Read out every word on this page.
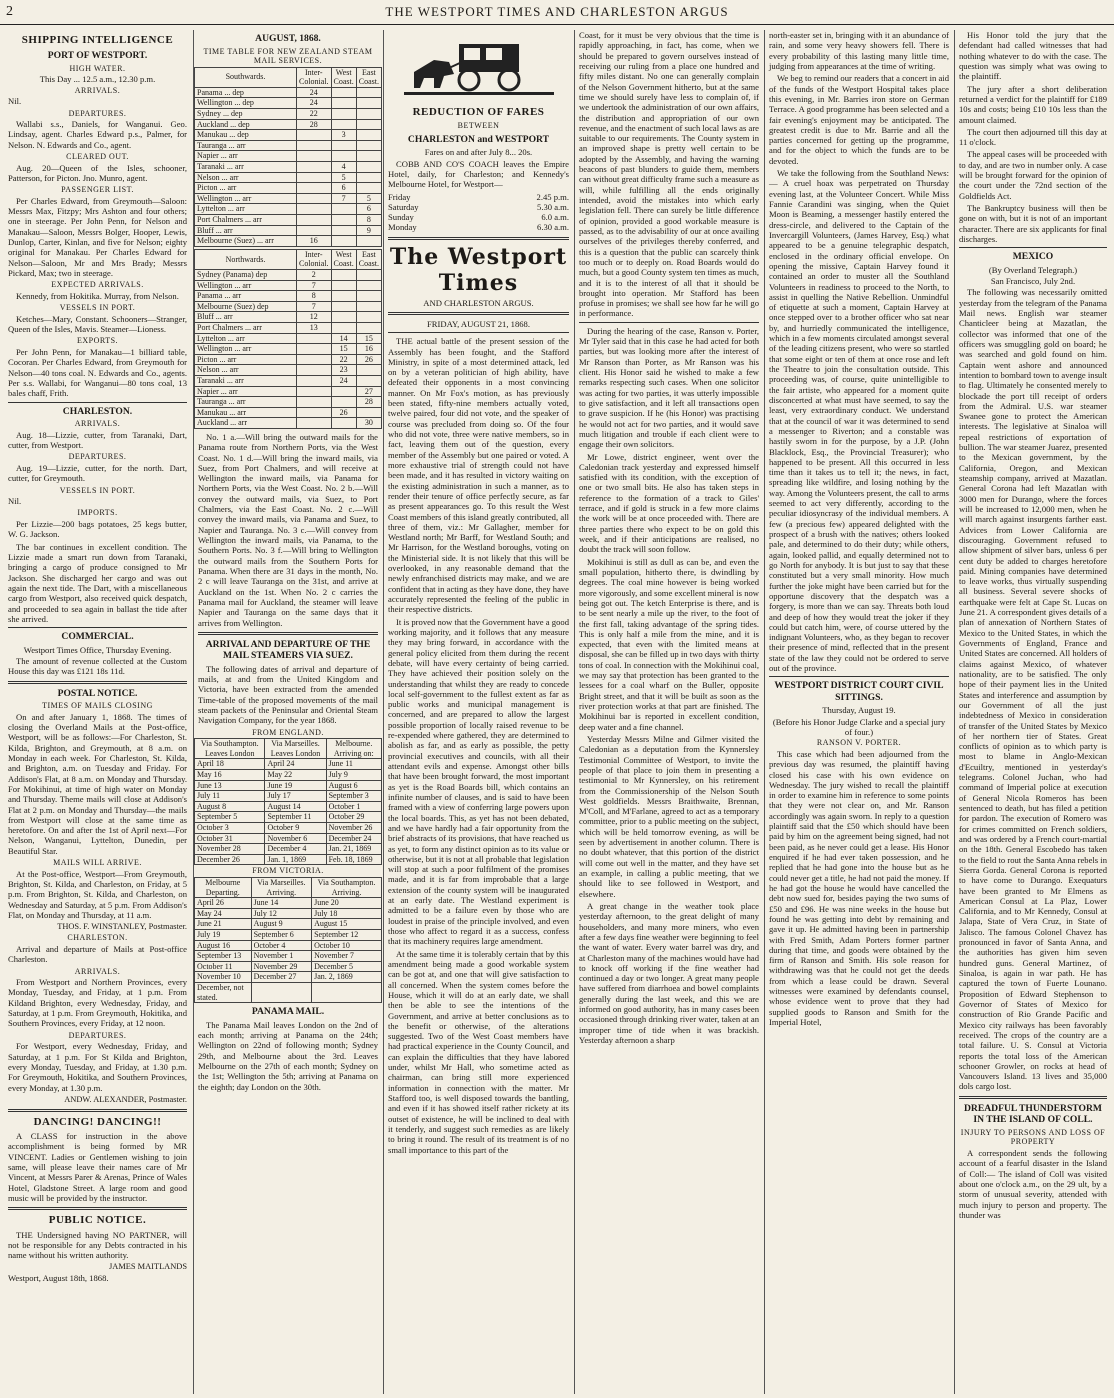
2	THE WESTPORT TIMES AND CHARLESTON ARGUS
SHIPPING INTELLIGENCE
PORT OF WESTPORT.
HIGH WATER.
This Day ... 12.5 a.m., 12.30 p.m.
ARRIVALS.

Nil.

DEPARTURES.

Wallabi s.s., Daniels, for Wanganui. Geo. Lindsay, agent. Charles Edward p.s., Palmer, for Nelson. N. Edwards and Co., agent.

CLEARED OUT.

Aug. 20—Queen of the Isles, schooner, Patterson, for Picton. Jno. Munro, agent.

PASSENGER LIST.

Per Charles Edward, from Greymouth—Saloon: Messrs Max, Fitzpy; Mrs Ashton and four others; one in steerage. Per John Penn, for Nelson and Manakau—Saloon, Messrs Bolger, Hooper, Lewis, Dunlop, Carter, Kinlan, and five for Nelson; eighty original for Manakau. Per Charles Edward for Nelson—Saloon, Mr and Mrs Brady; Messrs Pickard, Max; two in steerage.

EXPECTED ARRIVALS.

Kennedy, from Hokitika. Murray, from Nelson.

VESSELS IN PORT.

Ketches—Mary, Constant. Schooners—Stranger, Queen of the Isles, Mavis. Steamer—Lioness.

EXPORTS.

Per John Penn, for Manakau—1 billiard table, Cocoran. Per Charles Edward, from Greymouth for Nelson—40 tons coal. N. Edwards and Co., agents. Per s.s. Wallabi, for Wanganui—80 tons coal, 13 bales chaff, Frith.

CHARLESTON.
ARRIVALS.

Aug. 18—Lizzie, cutter, from Taranaki, Dart, cutter, from Westport.

DEPARTURES.

Aug. 19—Lizzie, cutter, for the north. Dart, cutter, for Greymouth.

VESSELS IN PORT.

Nil.

IMPORTS.

Per Lizzie—200 bags potatoes, 25 kegs butter, W. G. Jackson.

The bar continues in excellent condition. The Lizzie made a smart run down from Taranaki, bringing a cargo of produce consigned to Mr Jackson. She discharged her cargo and was out again the next tide. The Dart, with a miscellaneous cargo from Westport, also received quick despatch, and proceeded to sea again in ballast the tide after she arrived.

COMMERCIAL.
Westport Times Office, Thursday Evening.

The amount of revenue collected at the Custom House this day was £121 18s 11d.

POSTAL NOTICE.
TIMES OF MAILS CLOSING

On and after January 1, 1868. The times of closing the Overland Mails at the Post-office, Westport, will be as follows:—For Charleston, St. Kilda, Brighton, and Greymouth, at 8 a.m. on Monday in each week. For Charleston, St. Kilda, and Brighton, a.m. on Tuesday and Friday. For Addison's Flat, at 8 a.m. on Monday and Thursday. For Mokihinui, at time of high water on Monday and Thursday. Theme mails will close at Addison's Flat at 2 p.m. on Monday and Thursday—the mails from Westport will close at the same time as heretofore. On and after the 1st of April next—For Nelson, Wanganui, Lyttelton, Dunedin, per Beautiful Star.

MAILS WILL ARRIVE.

At the Post-office, Westport—From Greymouth, Brighton, St. Kilda, and Charleston, on Friday, at 5 p.m. From Brighton, St. Kilda, and Charleston, on Wednesday and Saturday, at 5 p.m. From Addison's Flat, on Monday and Thursday, at 11 a.m.

THOS. F. WINSTANLEY, Postmaster.
CHARLESTON.

Arrival and departure of Mails at Post-office Charleston.

ARRIVALS.

From Westport and Northern Provinces, every Monday, Tuesday, and Friday, at 1 p.m. From Kildand Brighton, every Wednesday, Friday, and Saturday, at 1 p.m. From Greymouth, Hokitika, and Southern Provinces, every Friday, at 12 noon.

DEPARTURES.

For Westport, every Wednesday, Friday, and Saturday, at 1 p.m. For St Kilda and Brighton, every Monday, Tuesday, and Friday, at 1.30 p.m. For Greymouth, Hokitika, and Southern Provinces, every Monday, at 1.30 p.m.

ANDW. ALEXANDER, Postmaster.
DANCING! DANCING!!

A CLASS for instruction in the above accomplishment is being formed by MR VINCENT. Ladies or Gentlemen wishing to join same, will please leave their names care of Mr Vincent, at Messrs Parer & Arenas, Prince of Wales Hotel, Gladstone Street. A large room and good music will be provided by the instructor.

PUBLIC NOTICE.

THE Undersigned having NO PARTNER, will not be responsible for any Debts contracted in his name without his written authority.

JAMES MAITLANDS

Westport, August 18th, 1868.

AUGUST, 1868.
TIME TABLE FOR NEW ZEALAND STEAM MAIL SERVICES.
Southwards.	Inter-Colonial.	West Coast.	East Coast.
Panama ... dep	24		
Wellington ... dep	24		
Sydney ... dep	22		
Auckland ... dep	28		
Manukau ... dep		3	
Tauranga ... arr			
Napier ... arr			
Taranaki ... arr		4	
Nelson ... arr		5	
Picton ... arr		6	
Wellington ... arr		7	5
Lyttelton ... arr			6
Port Chalmers ... arr			8
Bluff ... arr			9
Melbourne (Suez) ... arr	16		
Northwards.	Inter-Colonial.	West Coast.	East Coast.
Sydney (Panama) dep	2		
Wellington ... arr	7		
Panama ... arr	8		
Melbourne (Suez) dep	7		
Bluff ... arr	12		
Port Chalmers ... arr	13		
Lyttelton ... arr		14	15
Wellington ... arr		15	16
Picton ... arr		22	26
Nelson ... arr		23	
Taranaki ... arr		24	
Napier ... arr			27
Tauranga ... arr			28
Manukau ... arr		26	
Auckland ... arr			30

No. 1 a.—Will bring the outward mails for the Panama route from Northern Ports, via the West Coast. No. 1 d.—Will bring the inward mails, via Suez, from Port Chalmers, and will receive at Wellington the inward mails, via Panama for Northern Ports, via the West Coast. No. 2 b.—Will convey the outward mails, via Suez, to Port Chalmers, via the East Coast. No. 2 c.—Will convey the inward mails, via Panama and Suez, to Napier and Tauranga. No. 3 c.—Will convey from Wellington the inward mails, via Panama, to the Southern Ports. No. 3 f.—Will bring to Wellington the outward mails from the Southern Ports for Panama. When there are 31 days in the month, No. 2 c will leave Tauranga on the 31st, and arrive at Auckland on the 1st. When No. 2 c carries the Panama mail for Auckland, the steamer will leave Napier and Tauranga on the same days that it arrives from Wellington.

ARRIVAL AND DEPARTURE OF THE MAIL STEAMERS VIA SUEZ.

The following dates of arrival and departure of mails, at and from the United Kingdom and Victoria, have been extracted from the amended Time-table of the proposed movements of the mail steam packets of the Peninsular and Oriental Steam Navigation Company, for the year 1868.

FROM ENGLAND.
Via Southampton. Leaves London	Via Marseilles. Leaves London	Melbourne. Arriving on:
April 18	April 24	June 11
May 16	May 22	July 9
June 13	June 19	August 6
July 11	July 17	September 3
August 8	August 14	October 1
September 5	September 11	October 29
October 3	October 9	November 26
October 31	November 6	December 24
November 28	December 4	Jan. 21, 1869
December 26	Jan. 1, 1869	Feb. 18, 1869
FROM VICTORIA.
Melbourne Departing.	Via Marseilles. Arriving.	Via Southampton. Arriving.
April 26	June 14	June 20
May 24	July 12	July 18
June 21	August 9	August 15
July 19	September 6	September 12
August 16	October 4	October 10
September 13	November 1	November 7
October 11	November 29	December 5
November 10	December 27	Jan. 2, 1869
December, not stated.		
PANAMA MAIL.

The Panama Mail leaves London on the 2nd of each month; arriving at Panama on the 24th; Wellington on 22nd of following month; Sydney 29th, and Melbourne about the 3rd. Leaves Melbourne on the 27th of each month; Sydney on the 1st; Wellington the 5th; arriving at Panama on the eighth; day London on the 30th.

REDUCTION OF FARES
BETWEEN
CHARLESTON and WESTPORT
Fares on and after July 8... 20s.

COBB AND CO'S COACH leaves the Empire Hotel, daily, for Charleston; and Kennedy's Melbourne Hotel, for Westport—

Friday	2.45 p.m.
Saturday	5.30 a.m.
Sunday	6.0 a.m.
Monday	6.30 a.m.
The Westport Times
AND CHARLESTON ARGUS.
FRIDAY, AUGUST 21, 1868.

THE actual battle of the present session of the Assembly has been fought, and the Stafford Ministry, in spite of a most determined attack, led on by a veteran politician of high ability, have defeated their opponents in a most convincing manner. On Mr Fox's motion, as has previously been stated, fifty-nine members actually voted, twelve paired, four did not vote, and the speaker of course was precluded from doing so. Of the four who did not vote, three were native members, so in fact, leaving them out of the question, every member of the Assembly but one paired or voted. A more exhaustive trial of strength could not have been made, and it has resulted in victory waiting on the existing administration in such a manner, as to render their tenure of office perfectly secure, as far as present appearances go. To this result the West Coast members of this island greatly contributed, all three of them, viz.: Mr Gallagher, member for Westland north; Mr Barff, for Westland South; and Mr Harrison, for the Westland boroughs, voting on the Ministerial side. It is not likely that this will be overlooked, in any reasonable demand that the newly enfranchised districts may make, and we are confident that in acting as they have done, they have accurately represented the feeling of the public in their respective districts.

It is proved now that the Government have a good working majority, and it follows that any measure they may bring forward, in accordance with the general policy elicited from them during the recent debate, will have every certainty of being carried. They have achieved their position solely on the understanding that whilst they are ready to concede local self-government to the fullest extent as far as public works and municipal management is concerned, and are prepared to allow the largest possible proportion of locally raised revenue to be re-expended where gathered, they are determined to abolish as far, and as early as possible, the petty provincial executives and councils, with all their attendant evils and expense. Amongst other bills that have been brought forward, the most important as yet is the Road Boards bill, which contains an infinite number of clauses, and is said to have been framed with a view of conferring large powers upon the local boards. This, as yet has not been debated, and we have hardly had a fair opportunity from the brief abstracts of its provisions, that have reached us as yet, to form any distinct opinion as to its value or otherwise, but it is not at all probable that legislation will stop at such a poor fulfilment of the promises made, and it is far from improbable that a large extension of the county system will be inaugurated at an early date. The Westland experiment is admitted to be a failure even by those who are loudest in praise of the principle involved, and even those who affect to regard it as a success, confess that its machinery requires large amendment.

At the same time it is tolerably certain that by this amendment being made a good workable system can be got at, and one that will give satisfaction to all concerned. When the system comes before the House, which it will do at an early date, we shall then be able to see the intentions of the Government, and arrive at better conclusions as to the benefit or otherwise, of the alterations suggested. Two of the West Coast members have had practical experience in the County Council, and can explain the difficulties that they have labored under, whilst Mr Hall, who sometime acted as chairman, can bring still more experienced information in connection with the matter. Mr Stafford too, is well disposed towards the bantling, and even if it has showed itself rather rickety at its outset of existence, he will be inclined to deal with it tenderly, and suggest such remedies as are likely to bring it round. The result of its treatment is of no small importance to this part of the

Coast, for it must be very obvious that the time is rapidly approaching, in fact, has come, when we should be prepared to govern ourselves instead of receiving our ruling from a place one hundred and fifty miles distant. No one can generally complain of the Nelson Government hitherto, but at the same time we should surely have less to complain of, if we undertook the administration of our own affairs, the distribution and appropriation of our own revenue, and the enactment of such local laws as are suitable to our requirements. The County system in an improved shape is pretty well certain to be adopted by the Assembly, and having the warning beacons of past blunders to guide them, members can without great difficulty frame such a measure as will, while fulfilling all the ends originally intended, avoid the mistakes into which early legislation fell. There can surely be little difference of opinion, provided a good workable measure is passed, as to the advisability of our at once availing ourselves of the privileges thereby conferred, and this is a question that the public can scarcely think too much or to deeply on. Road Boards would do much, but a good County system ten times as much, and it is to the interest of all that it should be brought into operation. Mr Stafford has been profuse in promises; we shall see how far he will go in performance.

During the hearing of the case, Ranson v. Porter, Mr Tyler said that in this case he had acted for both parties, but was looking more after the interest of Mr Ranson than Porter, as Mr Ranson was his client. His Honor said he wished to make a few remarks respecting such cases. When one solicitor was acting for two parties, it was utterly impossible to give satisfaction, and it left all transactions open to grave suspicion. If he (his Honor) was practising he would not act for two parties, and it would save much litigation and trouble if each client were to engage their own solicitors.

Mr Lowe, district engineer, went over the Caledonian track yesterday and expressed himself satisfied with its condition, with the exception of one or two small bits. He also has taken steps in reference to the formation of a track to Giles' terrace, and if gold is struck in a few more claims the work will be at once proceeded with. There are three parties there who expect to be on gold this week, and if their anticipations are realised, no doubt the track will soon follow.

Mokihinui is still as dull as can be, and even the small population, hitherto there, is dwindling by degrees. The coal mine however is being worked more vigorously, and some excellent mineral is now being got out. The ketch Enterprise is there, and is to be sent nearly a mile up the river, to the foot of the first fall, taking advantage of the spring tides. This is only half a mile from the mine, and it is expected, that even with the limited means at disposal, she can be filled up in two days with thirty tons of coal. In connection with the Mokihinui coal, we may say that protection has been granted to the lessees for a coal wharf on the Buller, opposite Bright street, and that it will be built as soon as the river protection works at that part are finished. The Mokihinui bar is reported in excellent condition, deep water and a fine channel.

Yesterday Messrs Milne and Gilmer visited the Caledonian as a deputation from the Kynnersley Testimonial Committee of Westport, to invite the people of that place to join them in presenting a testimonial to Mr Kynnersley, on his retirement from the Commissionership of the Nelson South West goldfields. Messrs Braithwaite, Brennan, M'Coll, and M'Farlane, agreed to act as a temporary committee, prior to a public meeting on the subject, which will be held tomorrow evening, as will be seen by advertisement in another column. There is no doubt whatever, that this portion of the district will come out well in the matter, and they have set an example, in calling a public meeting, that we should like to see followed in Westport, and elsewhere.

A great change in the weather took place yesterday afternoon, to the great delight of many householders, and many more miners, who even after a few days fine weather were beginning to feel the want of water. Every water barrel was dry, and at Charleston many of the machines would have had to knock off working if the fine weather had continued a day or two longer. A great many people have suffered from diarrhoea and bowel complaints generally during the last week, and this we are informed on good authority, has in many cases been occasioned through drinking river water, taken at an improper time of tide when it was brackish. Yesterday afternoon a sharp

north-easter set in, bringing with it an abundance of rain, and some very heavy showers fell. There is every probability of this lasting many little time, judging from appearances at the time of writing.

We beg to remind our readers that a concert in aid of the funds of the Westport Hospital takes place this evening, in Mr. Barries iron store on German Terrace. A good programme has been selected and a fair evening's enjoyment may be anticipated. The greatest credit is due to Mr. Barrie and all the parties concerned for getting up the programme, and for the object to which the funds are to be devoted.

We take the following from the Southland News:— A cruel hoax was perpetrated on Thursday evening last, at the Volunteer Concert. While Miss Fannie Carandini was singing, when the Quiet Moon is Beaming, a messenger hastily entered the dress-circle, and delivered to the Captain of the Invercargill Volunteers, (James Harvey, Esq.) what appeared to be a genuine telegraphic despatch, enclosed in the ordinary official envelope. On opening the missive, Captain Harvey found it contained an order to muster all the Southland Volunteers in readiness to proceed to the North, to assist in quelling the Native Rebellion. Unmindful of etiquette at such a moment, Captain Harvey at once stepped over to a brother officer who sat near by, and hurriedly communicated the intelligence, which in a few moments circulated amongst several of the leading citizens present, who were so startled that some eight or ten of them at once rose and left the Theatre to join the consultation outside. This proceeding was, of course, quite unintelligible to the fair artiste, who appeared for a moment quite disconcerted at what must have seemed, to say the least, very extraordinary conduct. We understand that at the council of war it was determined to send a messenger to Riverton; and a constable was hastily sworn in for the purpose, by a J.P. (John Blacklock, Esq., the Provincial Treasurer); who happened to be present. All this occurred in less time than it takes us to tell it; the news, in fact, spreading like wildfire, and losing nothing by the way. Among the Volunteers present, the call to arms seemed to act very differently, according to the peculiar idiosyncrasy of the individual members. A few (a precious few) appeared delighted with the prospect of a brush with the natives; others looked pale, and determined to do their duty; while others, again, looked pallid, and equally determined not to go North for anybody. It is but just to say that these constituted but a very small minority. How much further the joke might have been carried but for the opportune discovery that the despatch was a forgery, is more than we can say. Threats both loud and deep of how they would treat the joker if they could but catch him, were, of course uttered by the indignant Volunteers, who, as they began to recover their presence of mind, reflected that in the present state of the law they could not be ordered to serve out of the province.

WESTPORT DISTRICT COURT CIVIL SITTINGS.
Thursday, August 19.
(Before his Honor Judge Clarke and a special jury of four.)
RANSON V. PORTER.

This case which had been adjourned from the previous day was resumed, the plaintiff having closed his case with his own evidence on Wednesday. The jury wished to recall the plaintiff in order to examine him in reference to some points that they were not clear on, and Mr. Ranson accordingly was again sworn. In reply to a question plaintiff said that the £50 which should have been paid by him on the agreement being signed, had not been paid, as he never could get a lease. His Honor enquired if he had ever taken possession, and he replied that he had gone into the house but as he could never get a title, he had not paid the money. If he had got the house he would have cancelled the debt now sued for, besides paying the two sums of £50 and £96. He was nine weeks in the house but found he was getting into debt by remaining and gave it up. He admitted having been in partnership with Fred Smith, Adam Porters former partner during that time, and goods were obtained by the firm of Ranson and Smith. His sole reason for withdrawing was that he could not get the deeds from which a lease could be drawn. Several witnesses were examined by defendants counsel, whose evidence went to prove that they had supplied goods to Ranson and Smith for the Imperial Hotel,

His Honor told the jury that the defendant had called witnesses that had nothing whatever to do with the case. The question was simply what was owing to the plaintiff.

The jury after a short deliberation returned a verdict for the plaintiff for £189 10s and costs; being £10 10s less than the amount claimed.

The court then adjourned till this day at 11 o'clock.

The appeal cases will be proceeded with to day, and are two in number only. A case will be brought forward for the opinion of the court under the 72nd section of the Goldfields Act.

The Bankruptcy business will then be gone on with, but it is not of an important character. There are six applicants for final discharges.

MEXICO
(By Overland Telegraph.)
San Francisco, July 2nd.

The following was necessarily omitted yesterday from the telegram of the Panama Mail news. English war steamer Chanticleer being at Mazatlan, the collector was informed that one of the officers was smuggling gold on board; he was searched and gold found on him. Captain went ashore and announced intention to bombard town to avenge insult to flag. Ultimately he consented merely to blockade the port till receipt of orders from the Admiral. U.S. war steamer Swanee gone to protect the American interests. The legislative at Sinaloa will repeal restrictions of exportation of bullion. The war steamer Juarez, presented to the Mexican government, by the California, Oregon, and Mexican steamship company, arrived at Mazatlan. General Corona had left Mazatlan with 3000 men for Durango, where the forces will be increased to 12,000 men, when he will march against insurgents farther east. Advices from Lower California are discouraging. Government refused to allow shipment of silver bars, unless 6 per cent duty be added to charges heretofore paid. Mining companies have determined to leave works, thus virtually suspending all business. Several severe shocks of earthquake were felt at Cape St. Lucas on June 21. A correspondent gives details of a plan of annexation of Northern States of Mexico to the United States, in which the Governments of England, France and United States are concerned. All holders of claims against Mexico, of whatever nationality, are to be satisfied. The only hope of their payment lies in the United States and interference and assumption by our Government of all the just indebtedness of Mexico in consideration of transfer of the United States by Mexico of her northern tier of States. Great conflicts of opinion as to which party is most to blame in Anglo-Mexican d'Ecuiltry, mentioned in yesterday's telegrams. Colonel Juchan, who had command of Imperial police at execution of General Nicola Romeros has been sentenced to death, but has filed a petition for pardon. The execution of Romero was for crimes committed on French soldiers, and was ordered by a French court-martial on the 18th. General Escobedo has taken to the field to rout the Santa Anna rebels in Sierra Gorda. General Corona is reported to have come to Durango. Exequaturs have been granted to Mr Elmens as American Consul at La Plaz, Lower California, and to Mr Kennedy, Consul at Jalapa, State of Vera Cruz, in State of Jalisco. The famous Colonel Chavez has pronounced in favor of Santa Anna, and the authorities has given him seven hundred guns. General Martinez, of Sinaloa, is again in war path. He has captured the town of Fuerte Lounano. Proposition of Edward Stephenson to Governor of States of Mexico for construction of Rio Grande Pacific and Mexico city railways has been favorably received. The crops of the country are a total failure. U. S. Consul at Victoria reports the total loss of the American schooner Growler, on rocks at head of Vancouvers Island. 13 lives and 35,000 dols cargo lost.

DREADFUL THUNDERSTORM IN THE ISLAND OF COLL.
INJURY TO PERSONS AND LOSS OF PROPERTY

A correspondent sends the following account of a fearful disaster in the Island of Coll:— The island of Coll was visited about one o'clock a.m., on the 29 ult, by a storm of unusual severity, attended with much injury to person and property. The thunder was
